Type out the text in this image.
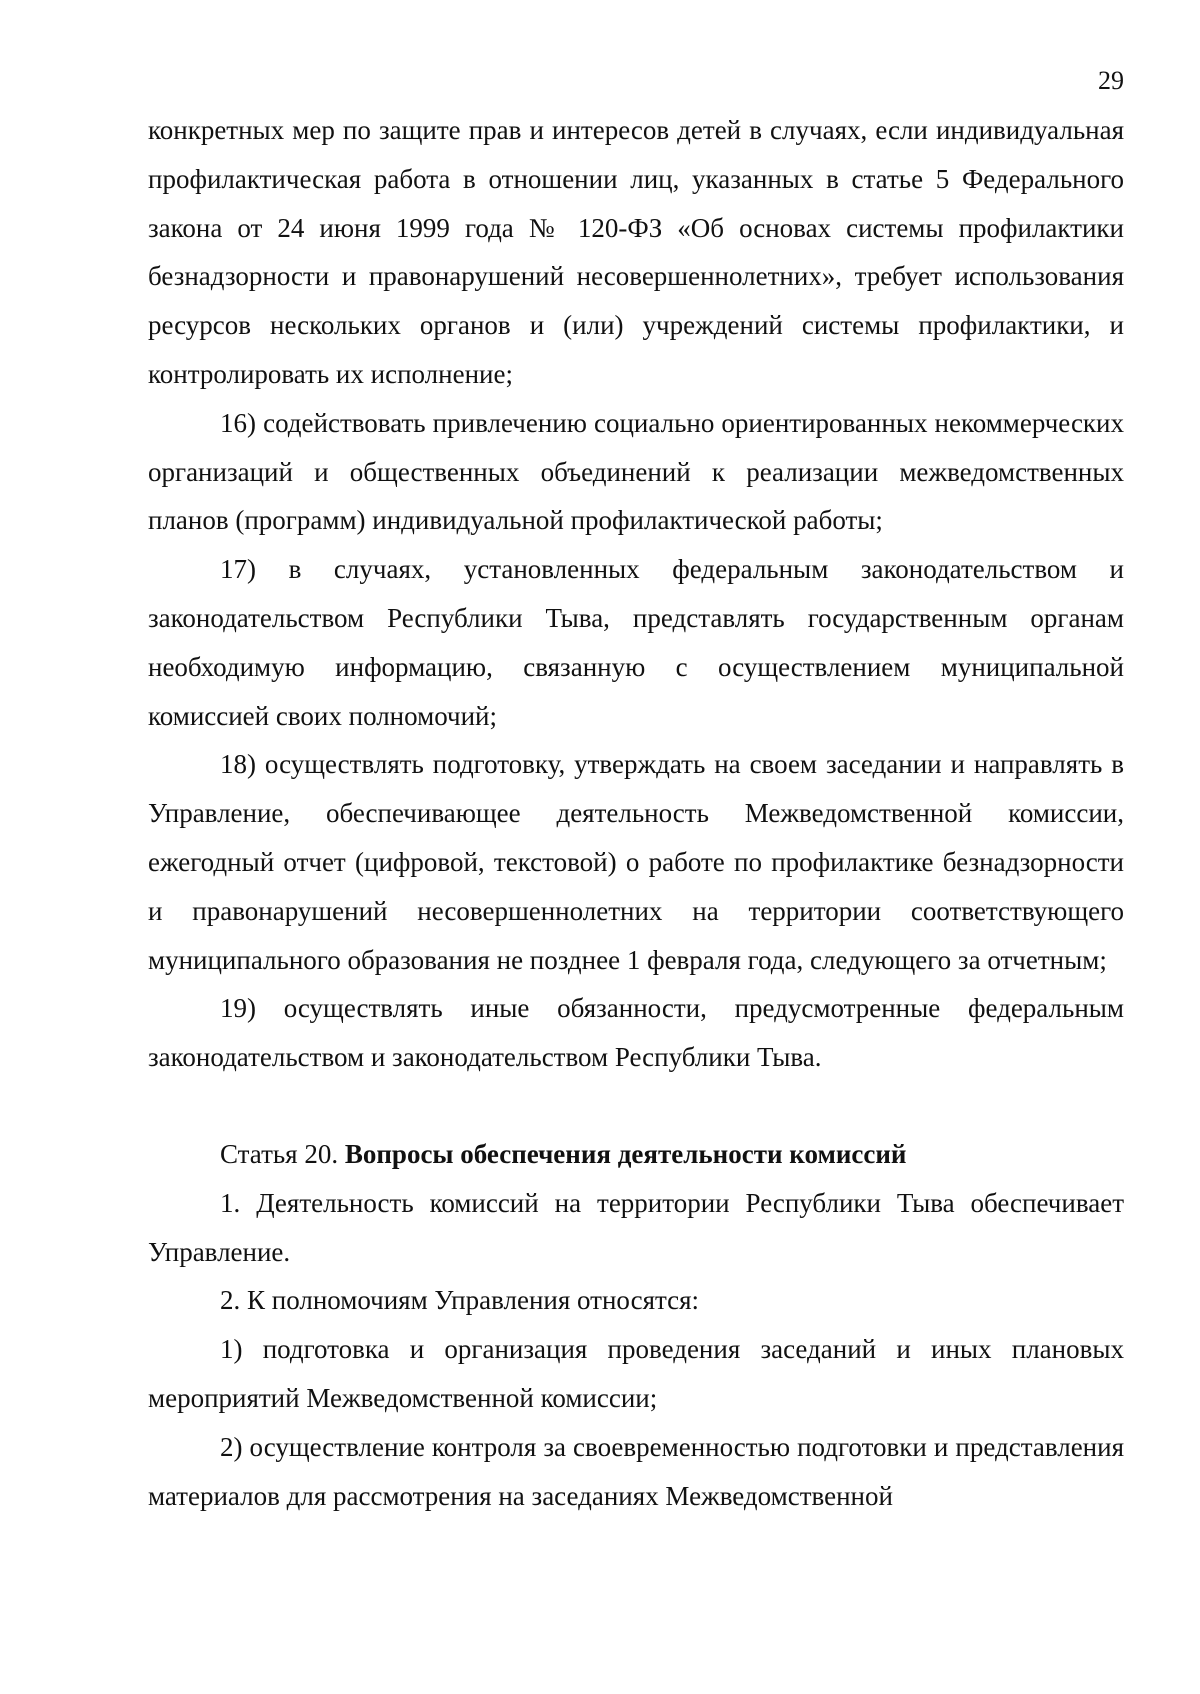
29

конкретных мер по защите прав и интересов детей в случаях, если индивидуальная профилактическая работа в отношении лиц, указанных в статье 5 Федерального закона от 24 июня 1999 года № 120-ФЗ «Об основах системы профилактики безнадзорности и правонарушений несовершеннолетних», требует использования ресурсов нескольких органов и (или) учреждений системы профилактики, и контролировать их исполнение;

16) содействовать привлечению социально ориентированных некоммерческих организаций и общественных объединений к реализации межведомственных планов (программ) индивидуальной профилактической работы;

17) в случаях, установленных федеральным законодательством и законодательством Республики Тыва, представлять государственным органам необходимую информацию, связанную с осуществлением муниципальной комиссией своих полномочий;

18) осуществлять подготовку, утверждать на своем заседании и направлять в Управление, обеспечивающее деятельность Межведомственной комиссии, ежегодный отчет (цифровой, текстовой) о работе по профилактике безнадзорности и правонарушений несовершеннолетних на территории соответствующего муниципального образования не позднее 1 февраля года, следующего за отчетным;

19) осуществлять иные обязанности, предусмотренные федеральным законодательством и законодательством Республики Тыва.

Статья 20. Вопросы обеспечения деятельности комиссий

1. Деятельность комиссий на территории Республики Тыва обеспечивает Управление.

2. К полномочиям Управления относятся:

1) подготовка и организация проведения заседаний и иных плановых мероприятий Межведомственной комиссии;

2) осуществление контроля за своевременностью подготовки и представления материалов для рассмотрения на заседаниях Межведомственной
